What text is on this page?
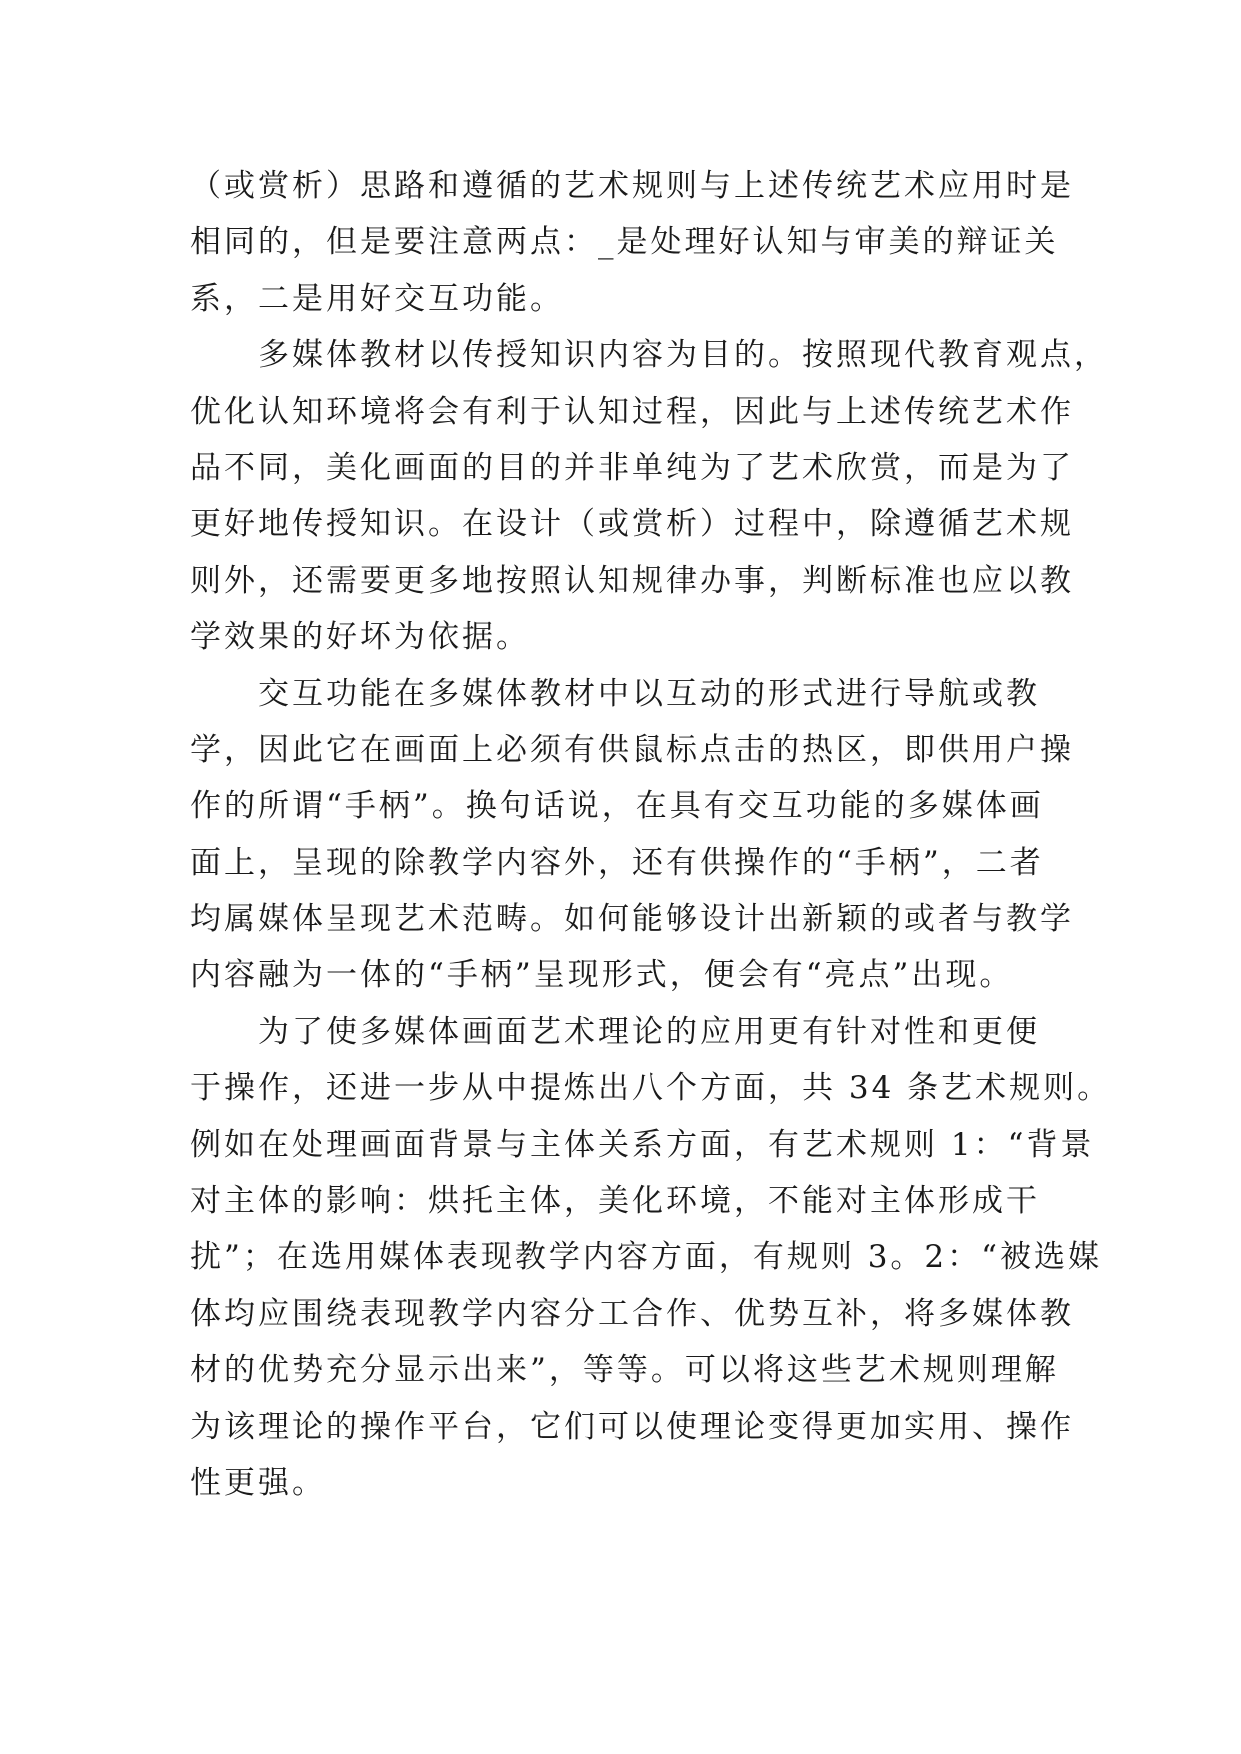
（或赏析）思路和遵循的艺术规则与上述传统艺术应用时是
相同的，但是要注意两点：_是处理好认知与审美的辩证关
系，二是用好交互功能。
多媒体教材以传授知识内容为目的。按照现代教育观点，
优化认知环境将会有利于认知过程，因此与上述传统艺术作
品不同，美化画面的目的并非单纯为了艺术欣赏，而是为了
更好地传授知识。在设计（或赏析）过程中，除遵循艺术规
则外，还需要更多地按照认知规律办事，判断标准也应以教
学效果的好坏为依据。
交互功能在多媒体教材中以互动的形式进行导航或教
学，因此它在画面上必须有供鼠标点击的热区，即供用户操
作的所谓“手柄”。换句话说，在具有交互功能的多媒体画
面上，呈现的除教学内容外，还有供操作的“手柄”，二者
均属媒体呈现艺术范畴。如何能够设计出新颖的或者与教学
内容融为一体的“手柄”呈现形式，便会有“亮点”出现。
为了使多媒体画面艺术理论的应用更有针对性和更便
于操作，还进一步从中提炼出八个方面，共 34 条艺术规则。
例如在处理画面背景与主体关系方面，有艺术规则 1：“背景
对主体的影响：烘托主体，美化环境，不能对主体形成干
扰”；在选用媒体表现教学内容方面，有规则 3。2：“被选媒
体均应围绕表现教学内容分工合作、优势互补，将多媒体教
材的优势充分显示出来”，等等。可以将这些艺术规则理解
为该理论的操作平台，它们可以使理论变得更加实用、操作
性更强。
